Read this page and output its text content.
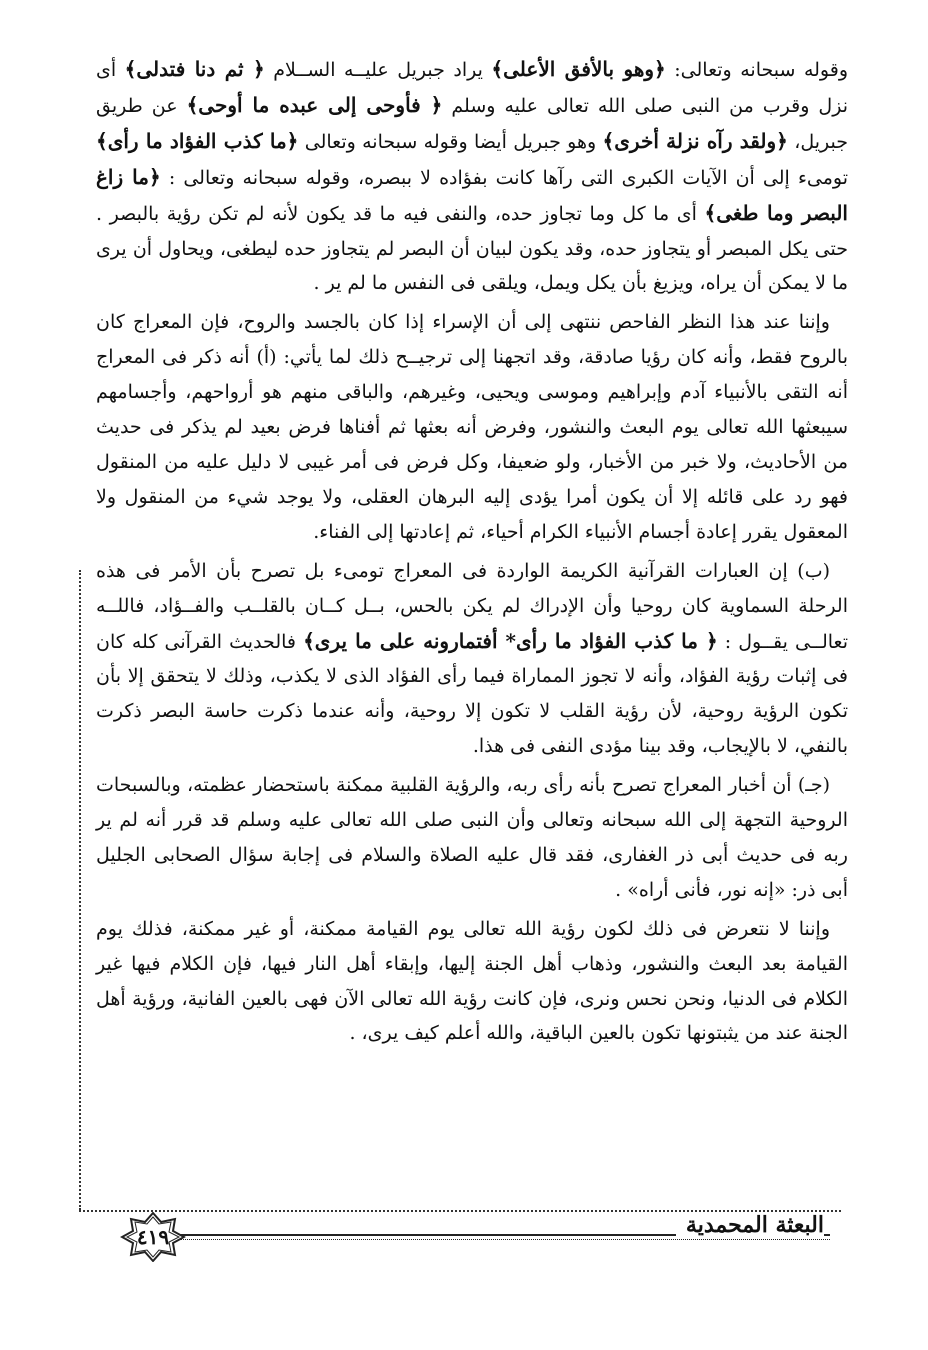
وقوله سبحانه وتعالى: ﴿وهو بالأفق الأعلى﴾ يراد جبريل عليــه الســلام ﴿ ثم دنا فتدلى﴾ أى نزل وقرب من النبى صلى الله تعالى عليه وسلم ﴿ فأوحى إلى عبده ما أوحى﴾ عن طريق جبريل، ﴿ولقد رآه نزلة أخرى﴾ وهو جبريل أيضا وقوله سبحانه وتعالى ﴿ما كذب الفؤاد ما رأى﴾ تومىء إلى أن الآيات الكبرى التى رآها كانت بفؤاده لا ببصره، وقوله سبحانه وتعالى : ﴿ما زاغ البصر وما طغى﴾ أى ما كل وما تجاوز حده، والنفى فيه ما قد يكون لأنه لم تكن رؤية بالبصر . حتى يكل المبصر أو يتجاوز حده، وقد يكون لبيان أن البصر لم يتجاوز حده ليطغى، ويحاول أن يرى ما لا يمكن أن يراه، ويزيغ بأن يكل ويمل، ويلقى فى النفس ما لم ير .

وإننا عند هذا النظر الفاحص ننتهى إلى أن الإسراء إذا كان بالجسد والروح، فإن المعراج كان بالروح فقط، وأنه كان رؤيا صادقة، وقد اتجهنا إلى ترجيــح ذلك لما يأتي: (أ) أنه ذكر فى المعراج أنه التقى بالأنبياء آدم وإبراهيم وموسى ويحيى، وغيرهم، والباقى منهم هو أرواحهم، وأجسامهم سيبعثها الله تعالى يوم البعث والنشور، وفرض أنه بعثها ثم أفناها فرض بعيد لم يذكر فى حديث من الأحاديث، ولا خبر من الأخبار، ولو ضعيفا، وكل فرض فى أمر غيبى لا دليل عليه من المنقول فهو رد على قائله إلا أن يكون أمرا يؤدى إليه البرهان العقلى، ولا يوجد شيء من المنقول ولا المعقول يقرر إعادة أجسام الأنبياء الكرام أحياء، ثم إعادتها إلى الفناء.

(ب) إن العبارات القرآنية الكريمة الواردة فى المعراج تومىء بل تصرح بأن الأمر فى هذه الرحلة السماوية كان روحيا وأن الإدراك لم يكن بالحس، بــل كــان بالقلــب والفــؤاد، فاللــه تعالــى يقــول : ﴿ ما كذب الفؤاد ما رأى* أفتمارونه على ما يرى﴾ فالحديث القرآنى كله كان فى إثبات رؤية الفؤاد، وأنه لا تجوز المماراة فيما رأى الفؤاد الذى لا يكذب، وذلك لا يتحقق إلا بأن تكون الرؤية روحية، لأن رؤية القلب لا تكون إلا روحية، وأنه عندما ذكرت حاسة البصر ذكرت بالنفي، لا بالإيجاب، وقد بينا مؤدى النفى فى هذا.

(جـ) أن أخبار المعراج تصرح بأنه رأى ربه، والرؤية القلبية ممكنة باستحضار عظمته، وبالسبحات الروحية التجهة إلى الله سبحانه وتعالى وأن النبى صلى الله تعالى عليه وسلم قد قرر أنه لم ير ربه فى حديث أبى ذر الغفارى، فقد قال عليه الصلاة والسلام فى إجابة سؤال الصحابى الجليل أبى ذر: «إنه نور، فأنى أراه» .

وإننا لا نتعرض فى ذلك لكون رؤية الله تعالى يوم القيامة ممكنة، أو غير ممكنة، فذلك يوم القيامة بعد البعث والنشور، وذهاب أهل الجنة إليها، وإبقاء أهل النار فيها، فإن الكلام فيها غير الكلام فى الدنيا، ونحن نحس ونرى، فإن كانت رؤية الله تعالى الآن فهى بالعين الفانية، ورؤية أهل الجنة عند من يثبتونها تكون بالعين الباقية، والله أعلم كيف يرى، .

البعثة المحمدية
٤١٩
